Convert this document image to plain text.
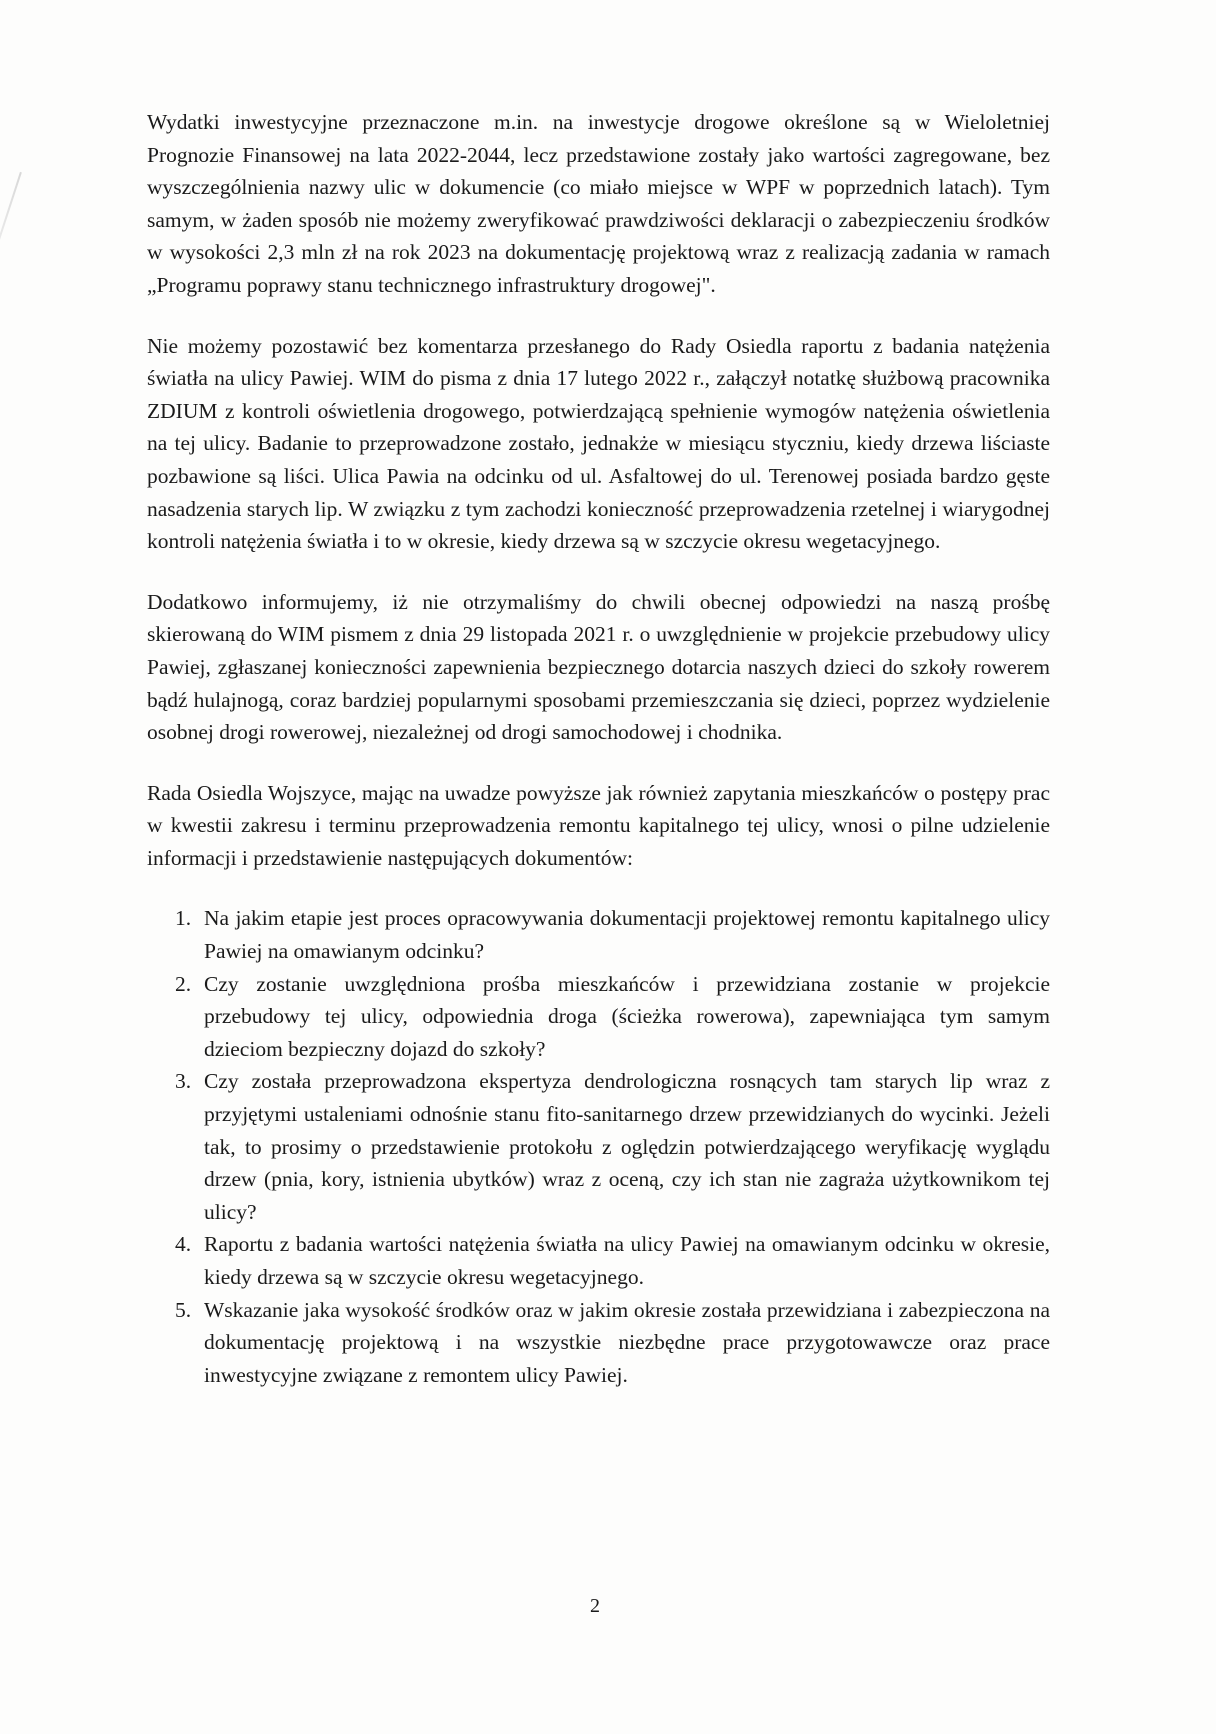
Wydatki inwestycyjne przeznaczone m.in. na inwestycje drogowe określone są w Wieloletniej Prognozie Finansowej na lata 2022-2044, lecz przedstawione zostały jako wartości zagregowane, bez wyszczególnienia nazwy ulic w dokumencie (co miało miejsce w WPF w poprzednich latach). Tym samym, w żaden sposób nie możemy zweryfikować prawdziwości deklaracji o zabezpieczeniu środków w wysokości 2,3 mln zł na rok 2023 na dokumentację projektową wraz z realizacją zadania w ramach „Programu poprawy stanu technicznego infrastruktury drogowej".

Nie możemy pozostawić bez komentarza przesłanego do Rady Osiedla raportu z badania natężenia światła na ulicy Pawiej. WIM do pisma z dnia 17 lutego 2022 r., załączył notatkę służbową pracownika ZDIUM z kontroli oświetlenia drogowego, potwierdzającą spełnienie wymogów natężenia oświetlenia na tej ulicy. Badanie to przeprowadzone zostało, jednakże w miesiącu styczniu, kiedy drzewa liściaste pozbawione są liści. Ulica Pawia na odcinku od ul. Asfaltowej do ul. Terenowej posiada bardzo gęste nasadzenia starych lip. W związku z tym zachodzi konieczność przeprowadzenia rzetelnej i wiarygodnej kontroli natężenia światła i to w okresie, kiedy drzewa są w szczycie okresu wegetacyjnego.

Dodatkowo informujemy, iż nie otrzymaliśmy do chwili obecnej odpowiedzi na naszą prośbę skierowaną do WIM pismem z dnia 29 listopada 2021 r. o uwzględnienie w projekcie przebudowy ulicy Pawiej, zgłaszanej konieczności zapewnienia bezpiecznego dotarcia naszych dzieci do szkoły rowerem bądź hulajnogą, coraz bardziej popularnymi sposobami przemieszczania się dzieci, poprzez wydzielenie osobnej drogi rowerowej, niezależnej od drogi samochodowej i chodnika.

Rada Osiedla Wojszyce, mając na uwadze powyższe jak również zapytania mieszkańców o postępy prac w kwestii zakresu i terminu przeprowadzenia remontu kapitalnego tej ulicy, wnosi o pilne udzielenie informacji i przedstawienie następujących dokumentów:

1. Na jakim etapie jest proces opracowywania dokumentacji projektowej remontu kapitalnego ulicy Pawiej na omawianym odcinku?
2. Czy zostanie uwzględniona prośba mieszkańców i przewidziana zostanie w projekcie przebudowy tej ulicy, odpowiednia droga (ścieżka rowerowa), zapewniająca tym samym dzieciom bezpieczny dojazd do szkoły?
3. Czy została przeprowadzona ekspertyza dendrologiczna rosnących tam starych lip wraz z przyjętymi ustaleniami odnośnie stanu fito-sanitarnego drzew przewidzianych do wycinki. Jeżeli tak, to prosimy o przedstawienie protokołu z oględzin potwierdzającego weryfikację wyglądu drzew (pnia, kory, istnienia ubytków) wraz z oceną, czy ich stan nie zagraża użytkownikom tej ulicy?
4. Raportu z badania wartości natężenia światła na ulicy Pawiej na omawianym odcinku w okresie, kiedy drzewa są w szczycie okresu wegetacyjnego.
5. Wskazanie jaka wysokość środków oraz w jakim okresie została przewidziana i zabezpieczona na dokumentację projektową i na wszystkie niezbędne prace przygotowawcze oraz prace inwestycyjne związane z remontem ulicy Pawiej.
2
